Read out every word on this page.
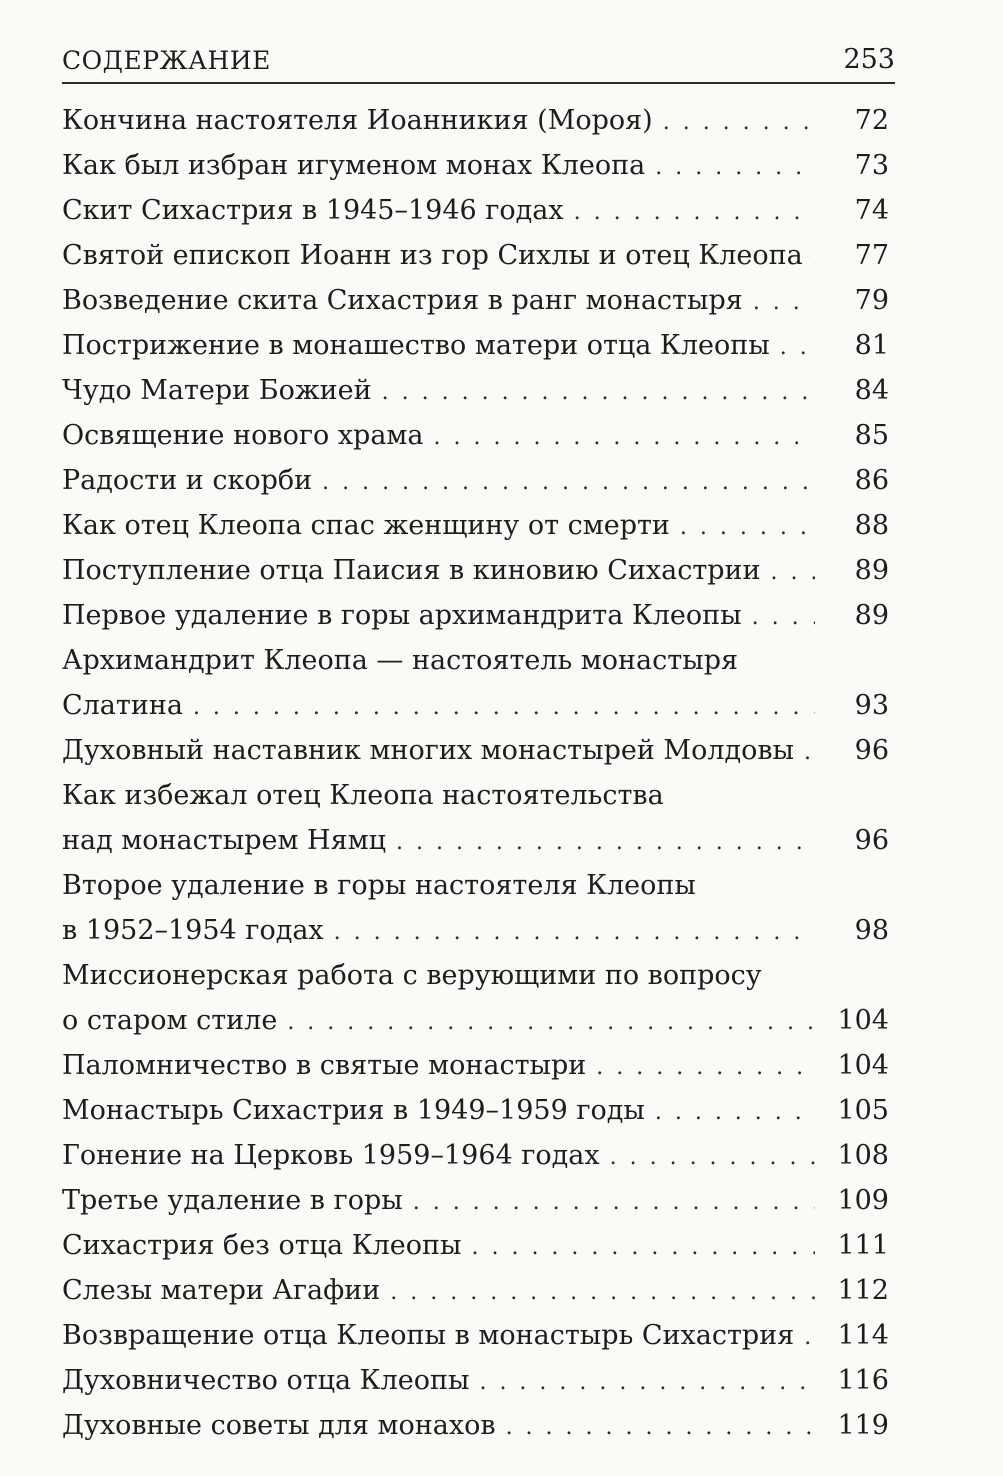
СОДЕРЖАНИЕ	253
Кончина настоятеля Иоанникия (Мороя) . . .	72
Как был избран игуменом монах Клеопа . . .	73
Скит Сихастрия в 1945–1946 годах . . .	74
Святой епископ Иоанн из гор Сихлы и отец Клеопа . . .	77
Возведение скита Сихастрия в ранг монастыря . . .	79
Пострижение в монашество матери отца Клеопы . . .	81
Чудо Матери Божией . . .	84
Освящение нового храма . . .	85
Радости и скорби . . .	86
Как отец Клеопа спас женщину от смерти . . .	88
Поступление отца Паисия в киновию Сихастрии . . .	89
Первое удаление в горы архимандрита Клеопы . . .	89
Архимандрит Клеопа — настоятель монастыря
Слатина . . .	93
Духовный наставник многих монастырей Молдовы . . .	96
Как избежал отец Клеопа настоятельства
над монастырем Нямц . . .	96
Второе удаление в горы настоятеля Клеопы
в 1952–1954 годах . . .	98
Миссионерская работа с верующими по вопросу
о старом стиле . . .	104
Паломничество в святые монастыри . . .	104
Монастырь Сихастрия в 1949–1959 годы . . .	105
Гонение на Церковь 1959–1964 годах . . .	108
Третье удаление в горы . . .	109
Сихастрия без отца Клеопы . . .	111
Слезы матери Агафии . . .	112
Возвращение отца Клеопы в монастырь Сихастрия . . .	114
Духовничество отца Клеопы . . .	116
Духовные советы для монахов . . .	119
